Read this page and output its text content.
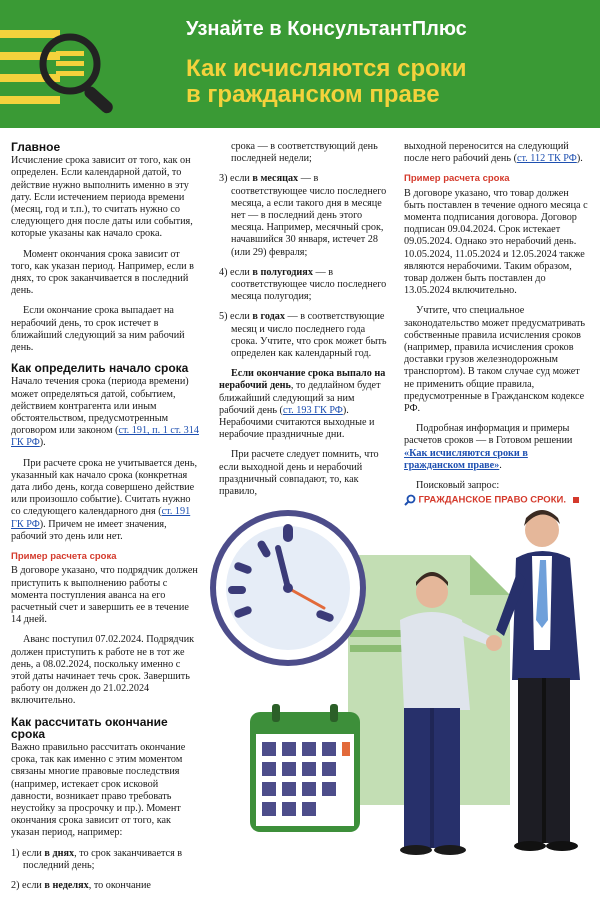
Узнайте в КонсультантПлюс
Как исчисляются сроки
в гражданском праве
Главное

Исчисление срока зависит от того, как он определен. Если календарной датой, то действие нужно выполнить именно в эту дату. Если истечением периода времени (месяц, год и т.п.), то считать нужно со следующего дня после даты или события, которые указаны как начало срока.

Момент окончания срока зависит от того, как указан период. Например, если в днях, то срок заканчивается в последний день.

Если окончание срока выпадает на нерабочий день, то срок истечет в ближайший следующий за ним рабочий день.

Как определить начало срока

Начало течения срока (периода времени) может определяться датой, событием, действием контрагента или иным обстоятельством, предусмотренным договором или законом (ст. 191, п. 1 ст. 314 ГК РФ).

При расчете срока не учитывается день, указанный как начало срока (конкретная дата либо день, когда совершено действие или произошло событие). Считать нужно со следующего календарного дня (ст. 191 ГК РФ). Причем не имеет значения, рабочий это день или нет.

Пример расчета срока

В договоре указано, что подрядчик должен приступить к выполнению работы с момента поступления аванса на его расчетный счет и завершить ее в течение 14 дней.

Аванс поступил 07.02.2024. Подрядчик должен приступить к работе не в тот же день, а 08.02.2024, поскольку именно с этой даты начинает течь срок. Завершить работу он должен до 21.02.2024 включительно.

Как рассчитать окончание срока

Важно правильно рассчитать окончание срока, так как именно с этим моментом связаны многие правовые последствия (например, истекает срок исковой давности, возникает право требовать неустойку за просрочку и пр.). Момент окончания срока зависит от того, как указан период, например:

1) если в днях, то срок заканчивается в последний день;

2) если в неделях, то окончание

срока — в соответствующий день последней недели;

3) если в месяцах — в соответствующее число последнего месяца, а если такого дня в месяце нет — в последний день этого месяца. Например, месячный срок, начавшийся 30 января, истечет 28 (или 29) февраля;

4) если в полугодиях — в соответствующее число последнего месяца полугодия;

5) если в годах — в соответствующие месяц и число последнего года срока. Учтите, что срок может быть определен как календарный год.

Если окончание срока выпало на нерабочий день, то дедлайном будет ближайший следующий за ним рабочий день (ст. 193 ГК РФ). Нерабочими считаются выходные и нерабочие праздничные дни.

При расчете следует помнить, что если выходной день и нерабочий праздничный совпадают, то, как правило,

выходной переносится на следующий после него рабочий день (ст. 112 ТК РФ).

Пример расчета срока

В договоре указано, что товар должен быть поставлен в течение одного месяца с момента подписания договора. Договор подписан 09.04.2024. Срок истекает 09.05.2024. Однако это нерабочий день. 10.05.2024, 11.05.2024 и 12.05.2024 также являются нерабочими. Таким образом, товар должен быть поставлен до 13.05.2024 включительно.

Учтите, что специальное законодательство может предусматривать собственные правила исчисления сроков (например, правила исчисления сроков доставки грузов железнодорожным транспортом). В таком случае суд может не применить общие правила, предусмотренные в Гражданском кодексе РФ.

Подробная информация и примеры расчетов сроков — в Готовом решении «Как исчисляются сроки в гражданском праве».

Поисковый запрос:

ГРАЖДАНСКОЕ ПРАВО СРОКИ.
